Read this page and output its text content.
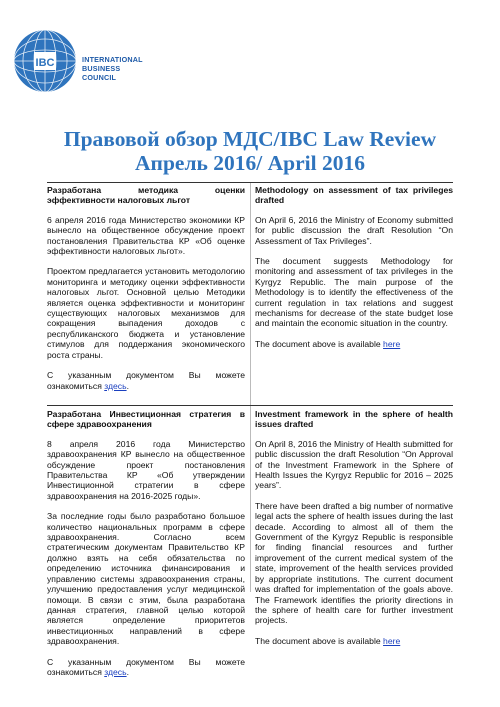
IBC	INTERNATIONAL
BUSINESS
COUNCIL
Правовой обзор МДС/IBC Law Review
Апрель 2016/ April 2016
Разработана методика оценки эффективности налоговых льгот
6 апреля 2016 года Министерство экономики КР вынесло на общественное обсуждение проект постановления Правительства КР «Об оценке эффективности налоговых льгот».
Проектом предлагается установить методологию мониторинга и методику оценки эффективности налоговых льгот. Основной целью Методики является оценка эффективности и мониторинг существующих налоговых механизмов для сокращения выпадения доходов с республиканского бюджета и установление стимулов для поддержания экономического роста страны.
С указанным документом Вы можете ознакомиться здесь.
Methodology on assessment of tax privileges drafted
On April 6, 2016 the Ministry of Economy submitted for public discussion the draft Resolution “On Assessment of Tax Privileges”.
The document suggests Methodology for monitoring and assessment of tax privileges in the Kyrgyz Republic. The main purpose of the Methodology is to identify the effectiveness of the current regulation in tax relations and suggest mechanisms for decrease of the state budget lose and maintain the economic situation in the country.
The document above is available here
Разработана Инвестиционная стратегия в сфере здравоохранения
8 апреля 2016 года Министерство здравоохранения КР вынесло на общественное обсуждение проект постановления Правительства КР «Об утверждении Инвестиционной стратегии в сфере здравоохранения на 2016-2025 годы».
За последние годы было разработано большое количество национальных программ в сфере здравоохранения. Согласно всем стратегическим документам Правительство КР должно взять на себя обязательства по определению источника финансирования и управлению системы здравоохранения страны, улучшению предоставления услуг медицинской помощи. В связи с этим, была разработана данная стратегия, главной целью которой является определение приоритетов инвестиционных направлений в сфере здравоохранения.
С указанным документом Вы можете ознакомиться здесь.
Investment framework in the sphere of health issues drafted
On April 8, 2016 the Ministry of Health submitted for public discussion the draft Resolution “On Approval of the Investment Framework in the Sphere of Health Issues the Kyrgyz Republic for 2016 – 2025 years”.
There have been drafted a big number of normative legal acts the sphere of health issues during the last decade. According to almost all of them the Government of the Kyrgyz Republic is responsible for finding financial resources and further improvement of the current medical system of the state, improvement of the health services provided by appropriate institutions. The current document was drafted for implementation of the goals above. The Framework identifies the priority directions in the sphere of health care for further investment projects.
The document above is available here
